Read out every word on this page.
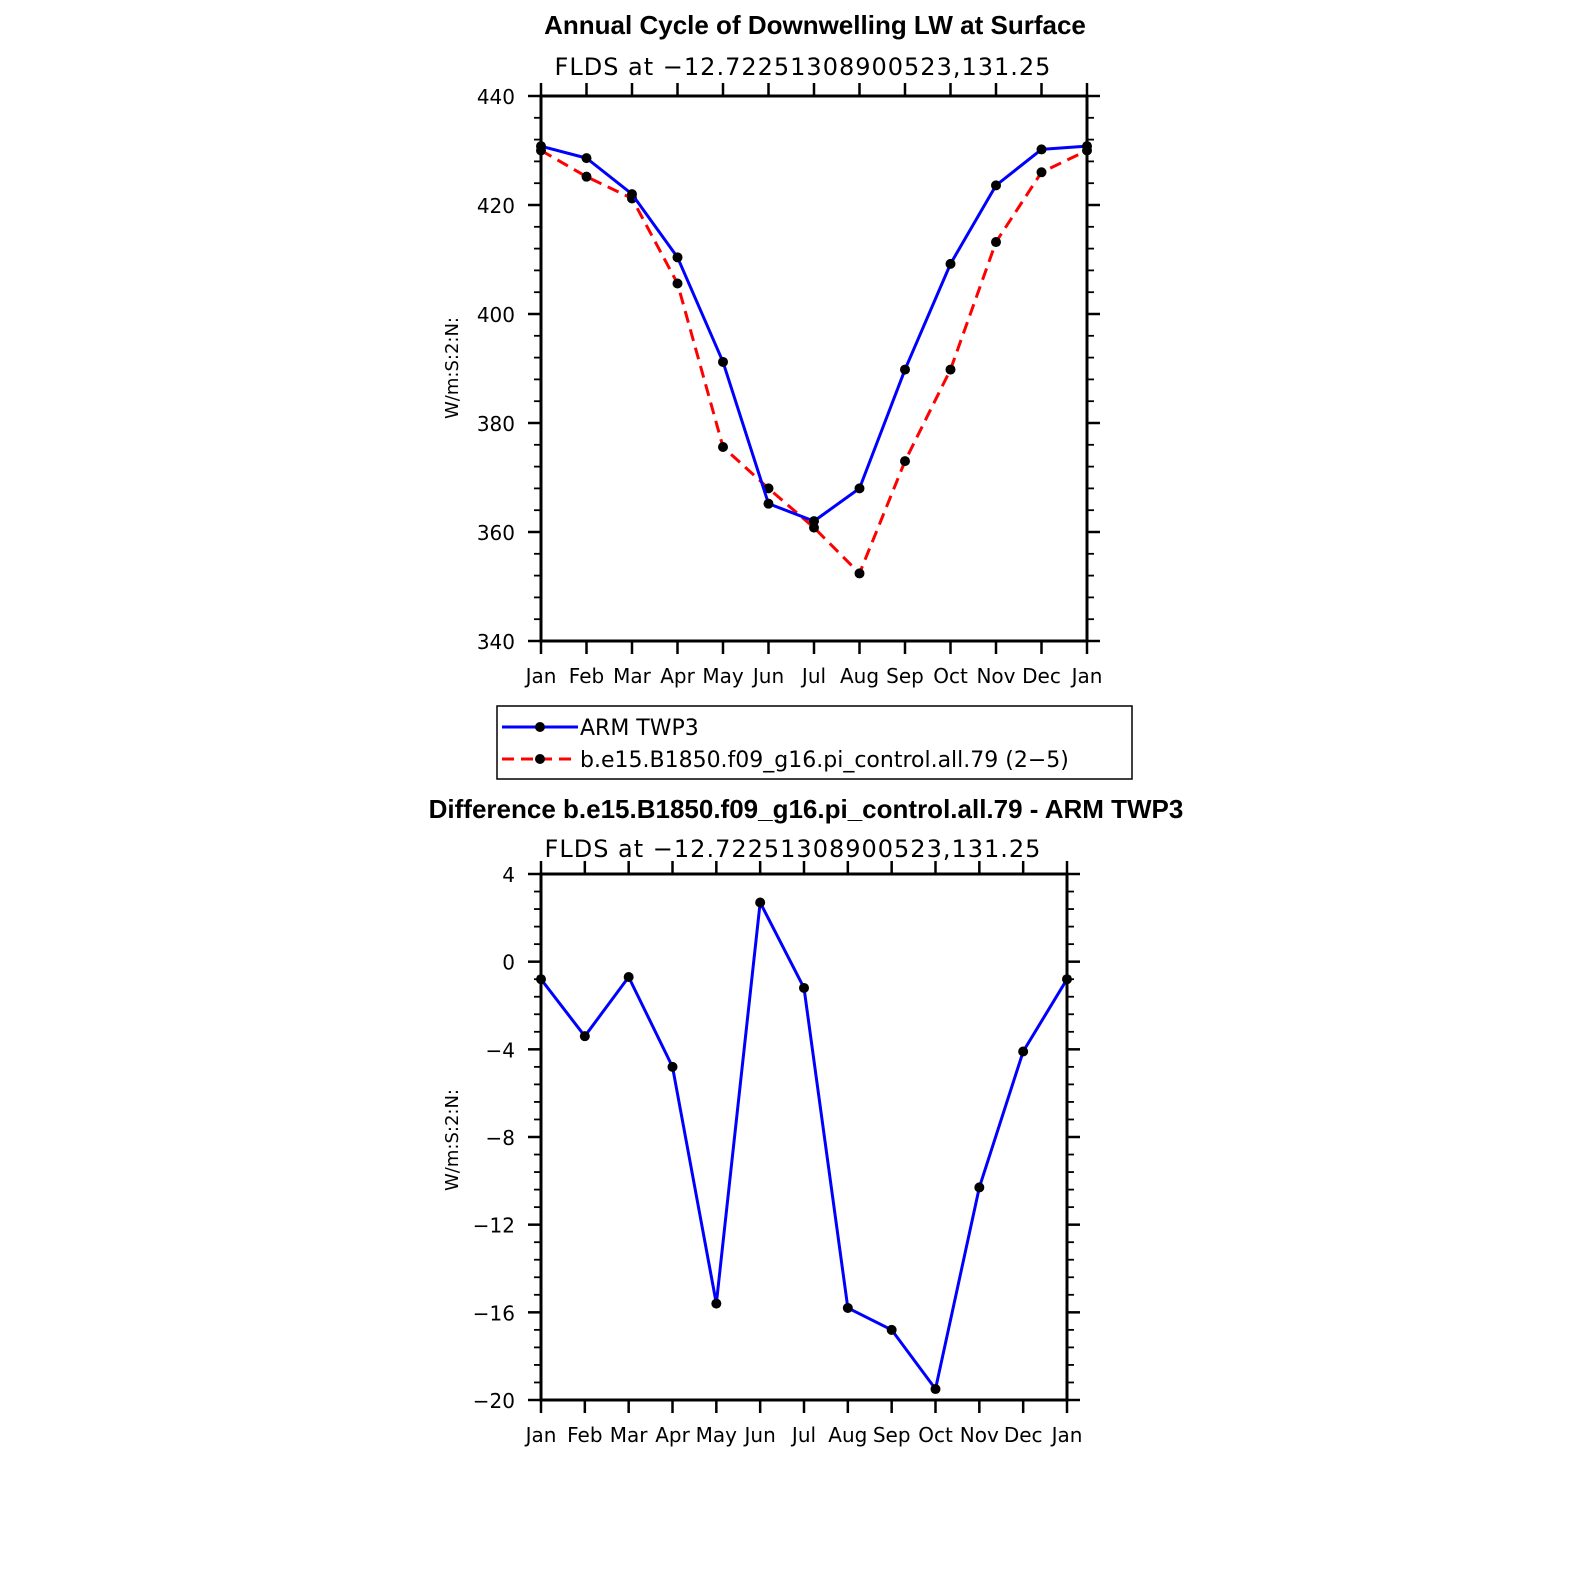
Annual Cycle of Downwelling LW at Surface
FLDS at −12.72251308900523,131.25
W/m:S:2:N:
Jan Feb Mar Apr May Jun Jul Aug Sep Oct Nov Dec Jan
340
360
380
400
420
440
ARM TWP3
b.e15.B1850.f09_g16.pi_control.all.79 (2−5)
Difference b.e15.B1850.f09_g16.pi_control.all.79 - ARM TWP3
FLDS at −12.72251308900523,131.25
W/m:S:2:N:
Jan Feb Mar Apr May Jun Jul Aug Sep Oct Nov Dec Jan
−20
−16
−12
−8
−4
0
4
